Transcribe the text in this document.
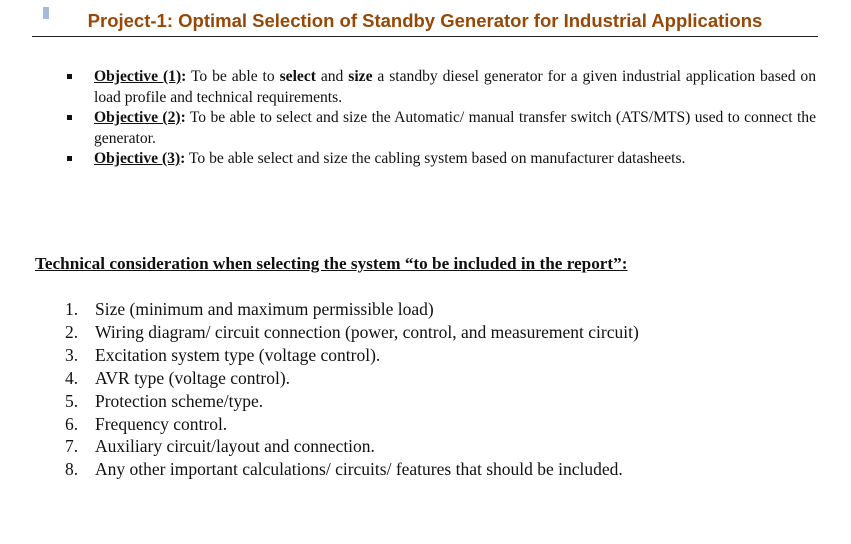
Project-1: Optimal Selection of Standby Generator for Industrial Applications
Objective (1): To be able to select and size a standby diesel generator for a given industrial application based on load profile and technical requirements.
Objective (2): To be able to select and size the Automatic/ manual transfer switch (ATS/MTS) used to connect the generator.
Objective (3): To be able select and size the cabling system based on manufacturer datasheets.
Technical consideration when selecting the system “to be included in the report”:
1. Size (minimum and maximum permissible load)
2. Wiring diagram/ circuit connection (power, control, and measurement circuit)
3. Excitation system type (voltage control).
4. AVR type (voltage control).
5. Protection scheme/type.
6. Frequency control.
7. Auxiliary circuit/layout and connection.
8. Any other important calculations/ circuits/ features that should be included.
